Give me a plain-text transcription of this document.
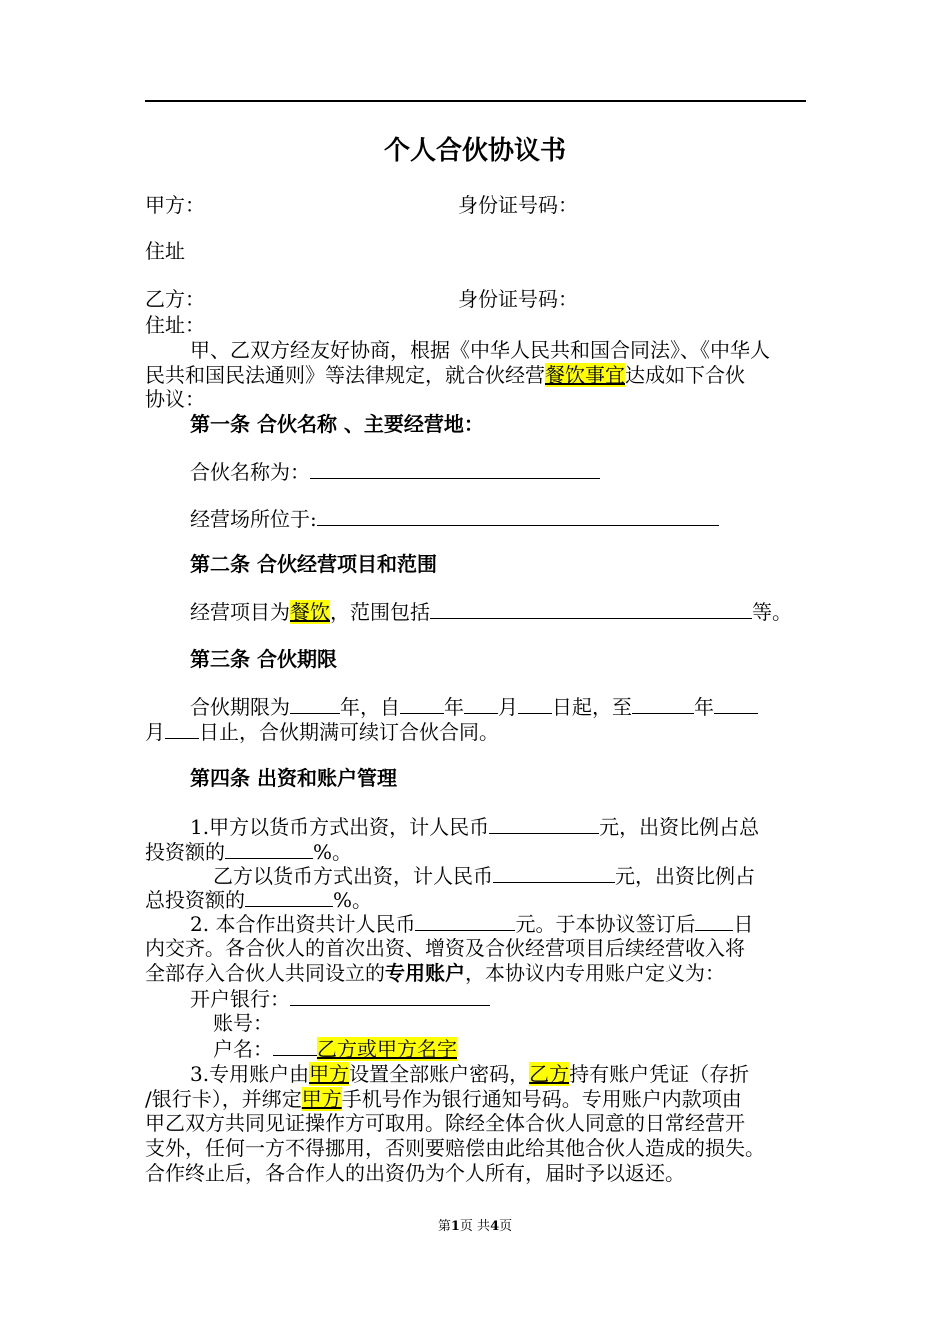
个人合伙协议书
甲方：	身份证号码：
住址
乙方：	身份证号码：
住址：
甲、乙双方经友好协商，根据《中华人民共和国合同法》、《中华人
民共和国民法通则》等法律规定，就合伙经营餐饮事宜达成如下合伙
协议：
第一条 合伙名称 、主要经营地：
合伙名称为：
经营场所位于:
第二条 合伙经营项目和范围
经营项目为餐饮，范围包括	等。
第三条 合伙期限
合伙期限为	年，自 年 月 日起，至	年
月 日止，合伙期满可续订合伙合同。
第四条 出资和账户管理
1.甲方以货币方式出资，计人民币	元，出资比例占总
投资额的	%。
乙方以货币方式出资，计人民币	元，出资比例占
总投资额的	%。
2. 本合作出资共计人民币	元。于本协议签订后 日
内交齐。各合伙人的首次出资、增资及合伙经营项目后续经营收入将
全部存入合伙人共同设立的专用账户，本协议内专用账户定义为：
开户银行：
账号：
户名： 乙方或甲方名字
3.专用账户由甲方设置全部账户密码，乙方持有账户凭证（存折
/银行卡），并绑定甲方手机号作为银行通知号码。专用账户内款项由
甲乙双方共同见证操作方可取用。除经全体合伙人同意的日常经营开
支外，任何一方不得挪用，否则要赔偿由此给其他合伙人造成的损失。
合作终止后，各合作人的出资仍为个人所有，届时予以返还。
第1页 共4页
